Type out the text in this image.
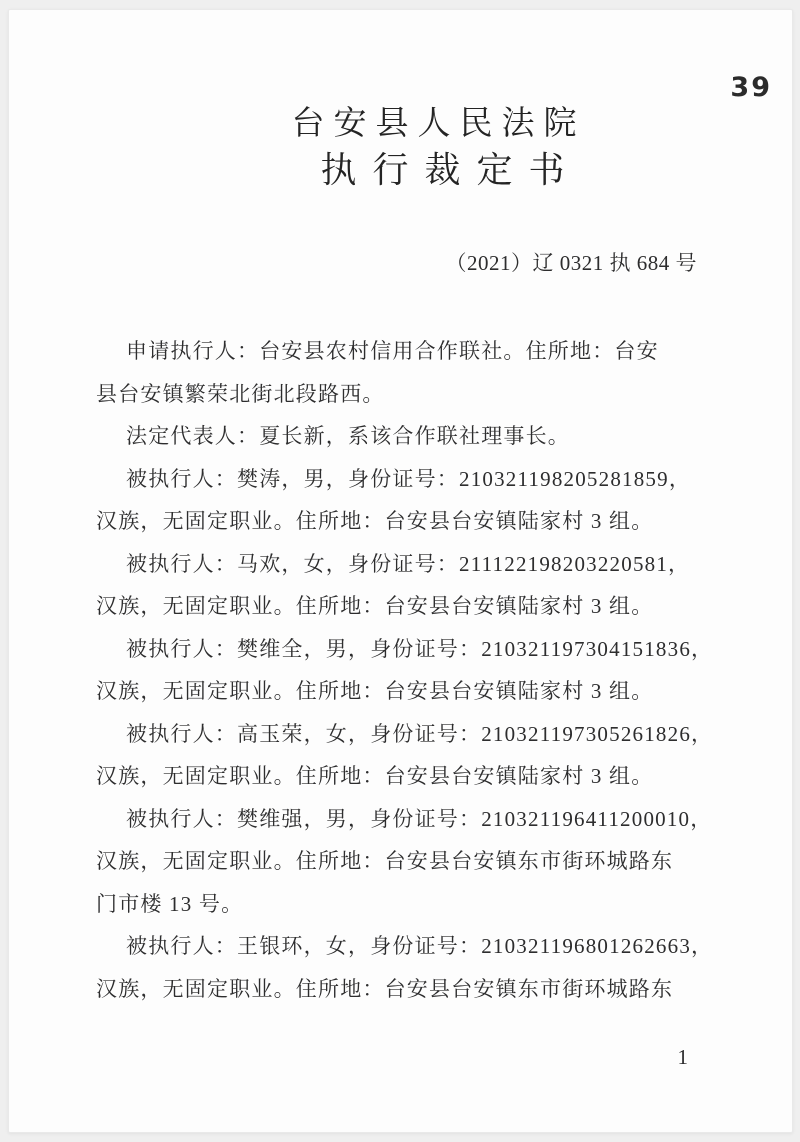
39
台安县人民法院
执行裁定书
（2021）辽 0321 执 684 号
申请执行人：台安县农村信用合作联社。住所地：台安
县台安镇繁荣北街北段路西。
法定代表人：夏长新，系该合作联社理事长。
被执行人：樊涛，男，身份证号：210321198205281859，
汉族，无固定职业。住所地：台安县台安镇陆家村 3 组。
被执行人：马欢，女，身份证号：211122198203220581，
汉族，无固定职业。住所地：台安县台安镇陆家村 3 组。
被执行人：樊维全，男，身份证号：210321197304151836，
汉族，无固定职业。住所地：台安县台安镇陆家村 3 组。
被执行人：高玉荣，女，身份证号：210321197305261826，
汉族，无固定职业。住所地：台安县台安镇陆家村 3 组。
被执行人：樊维强，男，身份证号：210321196411200010，
汉族，无固定职业。住所地：台安县台安镇东市街环城路东
门市楼 13 号。
被执行人：王银环，女，身份证号：210321196801262663，
汉族，无固定职业。住所地：台安县台安镇东市街环城路东
1
